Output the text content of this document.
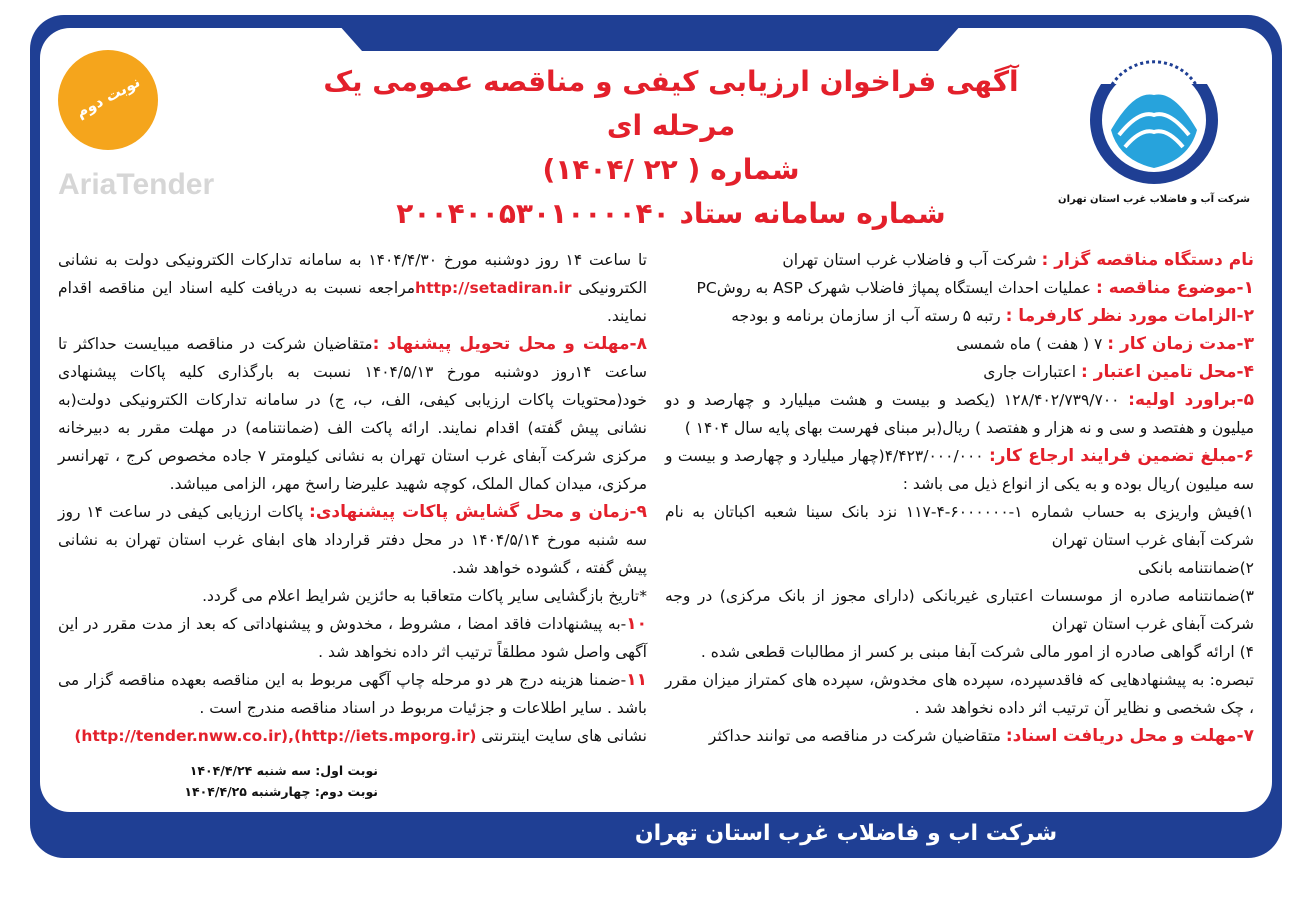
نوبت دوم
AriaTender
آگهی فراخوان ارزیابی کیفی و مناقصه عمومی یک مرحله ای
شماره ( ۲۲ /۱۴۰۴)
شماره سامانه ستاد ۲۰۰۴۰۰۵۳۰۱۰۰۰۰۴۰	شرکت آب و فاضلاب غرب استان تهران

نام دستگاه مناقصه گزار : شرکت آب و فاضلاب غرب استان تهران

۱-موضوع مناقصه : عملیات احداث ایستگاه پمپاژ فاضلاب شهرک ASP به روشPC

۲-الزامات مورد نظر کارفرما : رتبه ۵ رسته آب از سازمان برنامه و بودجه

۳-مدت زمان کار : ۷ ( هفت ) ماه شمسی

۴-محل تامین اعتبار : اعتبارات جاری

۵-براورد اولیه: ۱۲۸/۴۰۲/۷۳۹/۷۰۰ (یکصد و بیست و هشت میلیارد و چهارصد و دو میلیون و هفتصد و سی و نه هزار و هفتصد ) ریال(بر مبنای فهرست بهای پایه سال ۱۴۰۴ )

۶-مبلغ تضمین فرایند ارجاع کار: ۴/۴۲۳/۰۰۰/۰۰۰(چهار میلیارد و چهارصد و بیست و سه میلیون )ریال بوده و به یکی از انواع ذیل می باشد :

۱)فیش واریزی به حساب شماره ۱-۶۰۰۰۰۰۰-۴-۱۱۷ نزد بانک سینا شعبه اکباتان به نام شرکت آبفای غرب استان تهران

۲)ضمانتنامه بانکی

۳)ضمانتنامه صادره از موسسات اعتباری غیربانکی (دارای مجوز از بانک مرکزی) در وجه شرکت آبفای غرب استان تهران

۴) ارائه گواهی صادره از امور مالی شرکت آبفا مبنی بر کسر از مطالبات قطعی شده .

تبصره: به پیشنهادهایی که فاقدسپرده، سپرده های مخدوش، سپرده های کمتراز میزان مقرر ، چک شخصی و نظایر آن ترتیب اثر داده نخواهد شد .

۷-مهلت و محل دریافت اسناد: متقاضیان شرکت در مناقصه می توانند حداکثر

تا ساعت ۱۴ روز دوشنبه مورخ ۱۴۰۴/۴/۳۰ به سامانه تدارکات الکترونیکی دولت به نشانی الکترونیکی http://setadiran.irمراجعه نسبت به دریافت کلیه اسناد این مناقصه اقدام نمایند.

۸-مهلت و محل تحویل پیشنهاد :متقاضیان شرکت در مناقصه میبایست حداکثر تا ساعت ۱۴روز دوشنبه مورخ ۱۴۰۴/۵/۱۳ نسبت به بارگذاری کلیه پاکات پیشنهادی خود(محتویات پاکات ارزیابی کیفی، الف، ب، ج) در سامانه تدارکات الکترونیکی دولت(به نشانی پیش گفته) اقدام نمایند. ارائه پاکت الف (ضمانتنامه) در مهلت مقرر به دبیرخانه مرکزی شرکت آبفای غرب استان تهران به نشانی کیلومتر ۷ جاده مخصوص کرج ، تهرانسر مرکزی، میدان کمال الملک، کوچه شهید علیرضا راسخ مهر، الزامی میباشد.

۹-زمان و محل گشایش پاکات پیشنهادی: پاکات ارزیابی کیفی در ساعت ۱۴ روز سه شنبه مورخ ۱۴۰۴/۵/۱۴ در محل دفتر قرارداد های ابفای غرب استان تهران به نشانی پیش گفته ، گشوده خواهد شد.

*تاریخ بازگشایی سایر پاکات متعاقبا به حائزین شرایط اعلام می گردد.

۱۰-به پیشنهادات فاقد امضا ، مشروط ، مخدوش و پیشنهاداتی که بعد از مدت مقرر در این آگهی واصل شود مطلقاً ترتیب اثر داده نخواهد شد .

۱۱-ضمنا هزینه درج هر دو مرحله چاپ آگهی مربوط به این مناقصه بعهده مناقصه گزار می باشد . سایر اطلاعات و جزئیات مربوط در اسناد مناقصه مندرج است .

نشانی های سایت اینترنتی (http://tender.nww.co.ir),(http://iets.mporg.ir)

نوبت اول: سه شنبه ۱۴۰۴/۴/۲۴
نوبت دوم: چهارشنبه ۱۴۰۴/۴/۲۵
شرکت اب و فاضلاب غرب استان تهران
